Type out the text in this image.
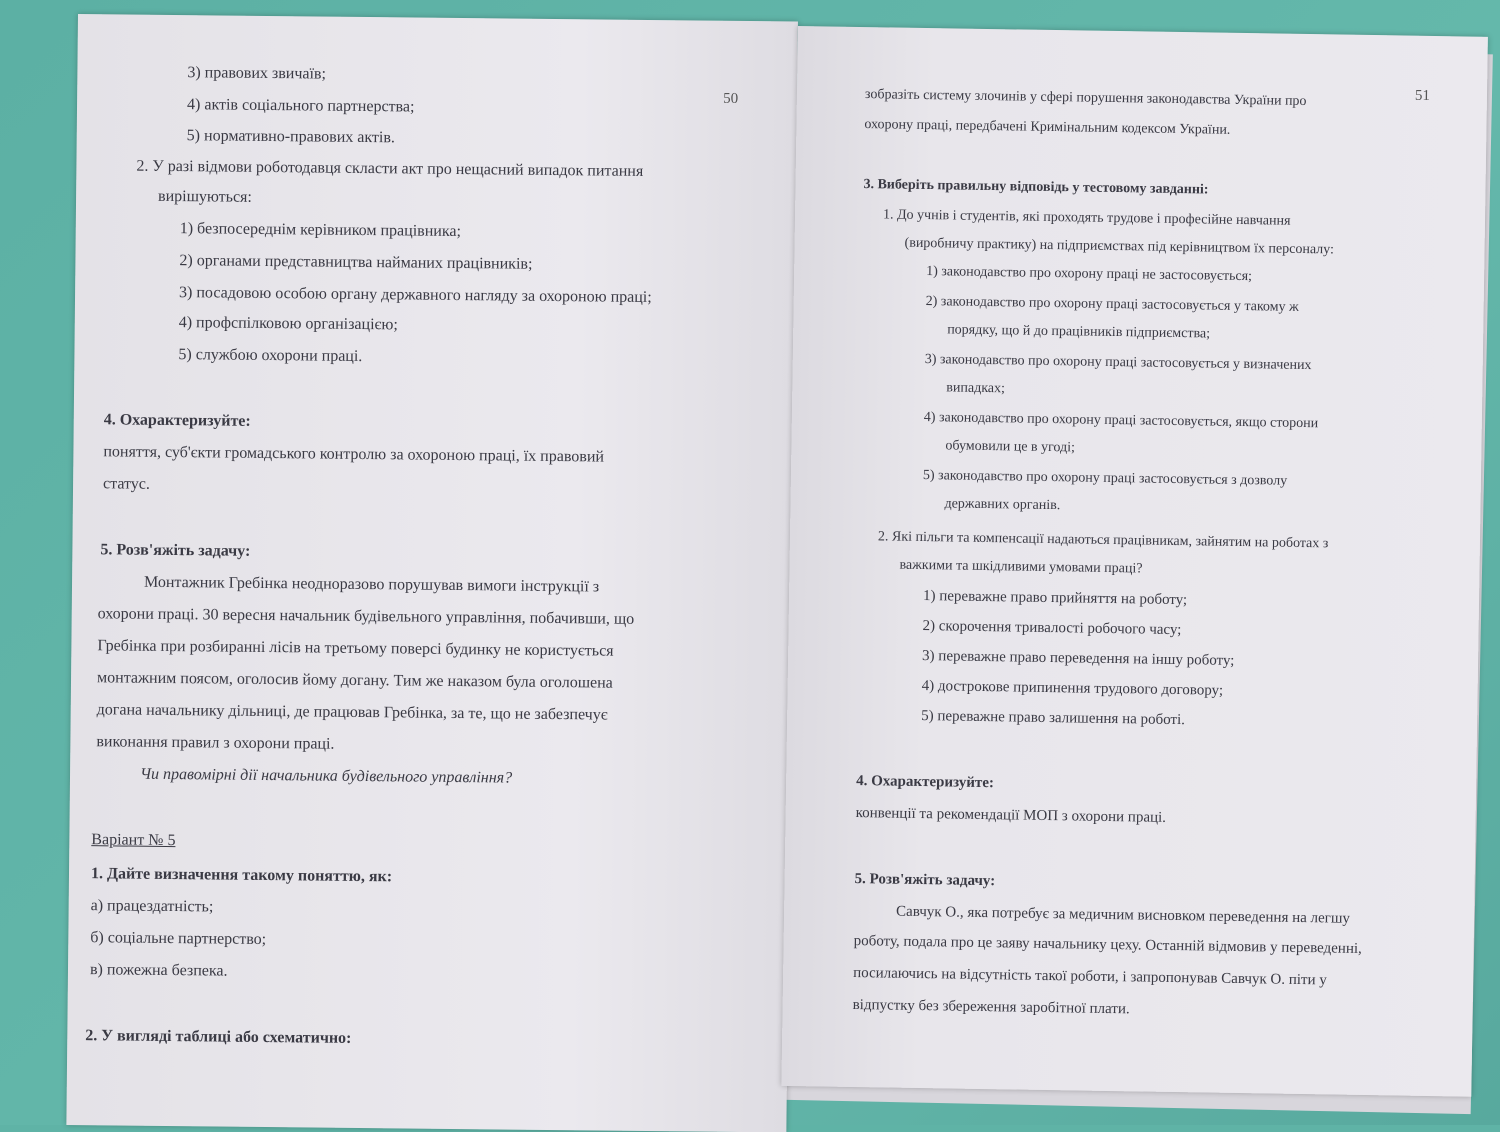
50
3) правових звичаїв;
4) актів соціального партнерства;
5) нормативно-правових актів.
2. У разі відмови роботодавця скласти акт про нещасний випадок питання
вирішуються:
1) безпосереднім керівником працівника;
2) органами представництва найманих працівників;
3) посадовою особою органу державного нагляду за охороною праці;
4) профспілковою організацією;
5) службою охорони праці.
4. Охарактеризуйте:
поняття, суб'єкти громадського контролю за охороною праці, їх правовий
статус.
5. Розв'яжіть задачу:
Монтажник Гребінка неодноразово порушував вимоги інструкції з
охорони праці. 30 вересня начальник будівельного управління, побачивши, що
Гребінка при розбиранні лісів на третьому поверсі будинку не користується
монтажним поясом, оголосив йому догану. Тим же наказом була оголошена
догана начальнику дільниці, де працював Гребінка, за те, що не забезпечує
виконання правил з охорони праці.
Чи правомірні дії начальника будівельного управління?
Варіант № 5
1. Дайте визначення такому поняттю, як:
а) працездатність;
б) соціальне партнерство;
в) пожежна безпека.
2. У вигляді таблиці або схематично:
51
зобразіть систему злочинів у сфері порушення законодавства України про
охорону праці, передбачені Кримінальним кодексом України.
3. Виберіть правильну відповідь у тестовому завданні:
1. До учнів і студентів, які проходять трудове і професійне навчання
(виробничу практику) на підприємствах під керівництвом їх персоналу:
1) законодавство про охорону праці не застосовується;
2) законодавство про охорону праці застосовується у такому ж
порядку, що й до працівників підприємства;
3) законодавство про охорону праці застосовується у визначених
випадках;
4) законодавство про охорону праці застосовується, якщо сторони
обумовили це в угоді;
5) законодавство про охорону праці застосовується з дозволу
державних органів.
2. Які пільги та компенсації надаються працівникам, зайнятим на роботах з
важкими та шкідливими умовами праці?
1) переважне право прийняття на роботу;
2) скорочення тривалості робочого часу;
3) переважне право переведення на іншу роботу;
4) дострокове припинення трудового договору;
5) переважне право залишення на роботі.
4. Охарактеризуйте:
конвенції та рекомендації МОП з охорони праці.
5. Розв'яжіть задачу:
Савчук О., яка потребує за медичним висновком переведення на легшу
роботу, подала про це заяву начальнику цеху. Останній відмовив у переведенні,
посилаючись на відсутність такої роботи, і запропонував Савчук О. піти у
відпустку без збереження заробітної плати.
